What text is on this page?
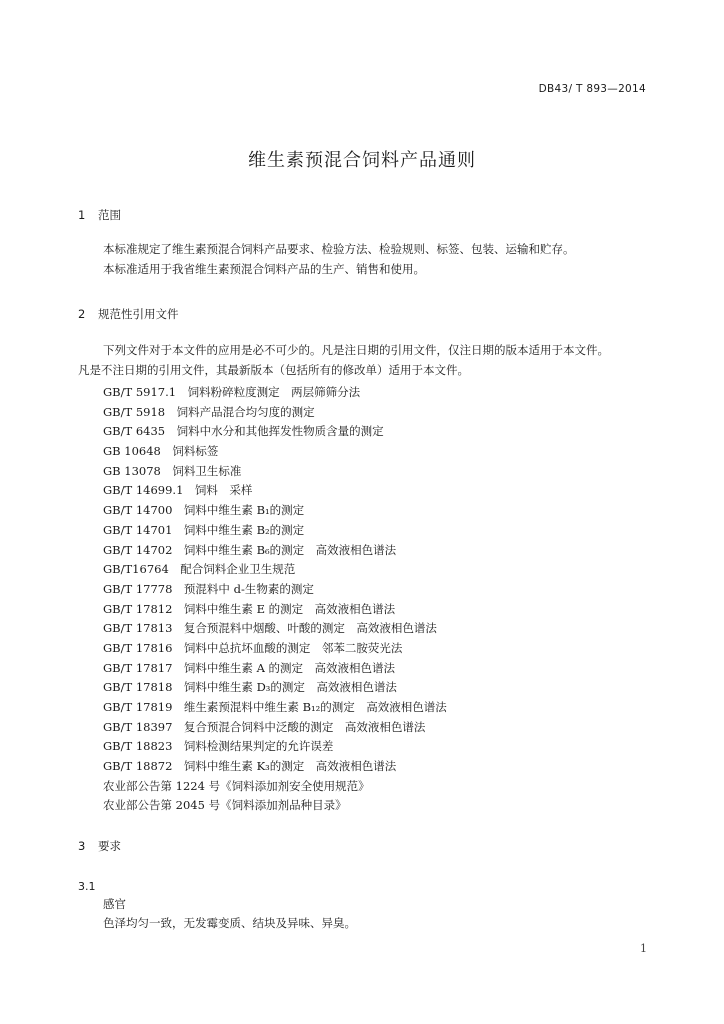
DB43/ T 893—2014
维生素预混合饲料产品通则
1 范围
本标准规定了维生素预混合饲料产品要求、检验方法、检验规则、标签、包装、运输和贮存。
本标准适用于我省维生素预混合饲料产品的生产、销售和使用。
2 规范性引用文件
下列文件对于本文件的应用是必不可少的。凡是注日期的引用文件，仅注日期的版本适用于本文件。
凡是不注日期的引用文件，其最新版本（包括所有的修改单）适用于本文件。
GB/T 5917.1　饲料粉碎粒度测定　两层筛筛分法
GB/T 5918　饲料产品混合均匀度的测定
GB/T 6435　饲料中水分和其他挥发性物质含量的测定
GB 10648　饲料标签
GB 13078　饲料卫生标准
GB/T 14699.1　饲料　采样
GB/T 14700　饲料中维生素 B₁的测定
GB/T 14701　饲料中维生素 B₂的测定
GB/T 14702　饲料中维生素 B₆的测定　高效液相色谱法
GB/T16764　配合饲料企业卫生规范
GB/T 17778　预混料中 d-生物素的测定
GB/T 17812　饲料中维生素 E 的测定　高效液相色谱法
GB/T 17813　复合预混料中烟酸、叶酸的测定　高效液相色谱法
GB/T 17816　饲料中总抗坏血酸的测定　邻苯二胺荧光法
GB/T 17817　饲料中维生素 A 的测定　高效液相色谱法
GB/T 17818　饲料中维生素 D₃的测定　高效液相色谱法
GB/T 17819　维生素预混料中维生素 B₁₂的测定　高效液相色谱法
GB/T 18397　复合预混合饲料中泛酸的测定　高效液相色谱法
GB/T 18823　饲料检测结果判定的允许误差
GB/T 18872　饲料中维生素 K₃的测定　高效液相色谱法
农业部公告第 1224 号《饲料添加剂安全使用规范》
农业部公告第 2045 号《饲料添加剂品种目录》
3 要求
3.1
感官
色泽均匀一致，无发霉变质、结块及异味、异臭。
1
